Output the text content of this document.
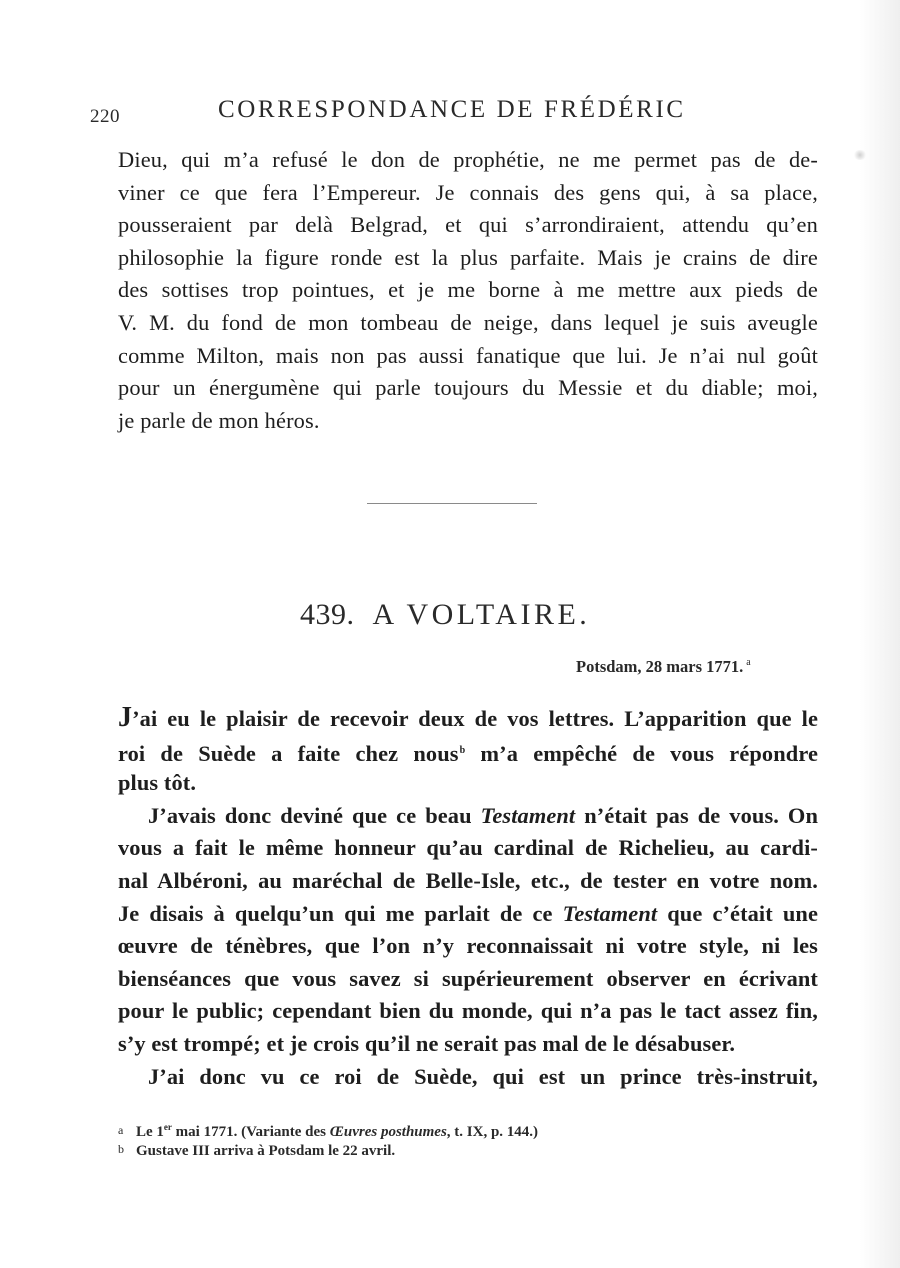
220	CORRESPONDANCE DE FRÉDÉRIC
Dieu, qui m’a refusé le don de prophétie, ne me permet pas de de-
viner ce que fera l’Empereur. Je connais des gens qui, à sa place,
pousseraient par delà Belgrad, et qui s’arrondiraient, attendu qu’en
philosophie la figure ronde est la plus parfaite. Mais je crains de dire
des sottises trop pointues, et je me borne à me mettre aux pieds de
V. M. du fond de mon tombeau de neige, dans lequel je suis aveugle
comme Milton, mais non pas aussi fanatique que lui. Je n’ai nul goût
pour un énergumène qui parle toujours du Messie et du diable; moi,
je parle de mon héros.
439. A VOLTAIRE.
Potsdam, 28 mars 1771. $^a$
J’ai eu le plaisir de recevoir deux de vos lettres. L’apparition que le
roi de Suède a faite chez nous$^b$ m’a empêché de vous répondre
plus tôt.
J’avais donc deviné que ce beau Testament n’était pas de vous. On
vous a fait le même honneur qu’au cardinal de Richelieu, au cardi-
nal Albéroni, au maréchal de Belle-Isle, etc., de tester en votre nom.
Je disais à quelqu’un qui me parlait de ce Testament que c’était une
œuvre de ténèbres, que l’on n’y reconnaissait ni votre style, ni les
bienséances que vous savez si supérieurement observer en écrivant
pour le public; cependant bien du monde, qui n’a pas le tact assez fin,
s’y est trompé; et je crois qu’il ne serait pas mal de le désabuser.
J’ai donc vu ce roi de Suède, qui est un prince très-instruit,
a Le 1er mai 1771. (Variante des Œuvres posthumes, t. IX, p. 144.)
b Gustave III arriva à Potsdam le 22 avril.
